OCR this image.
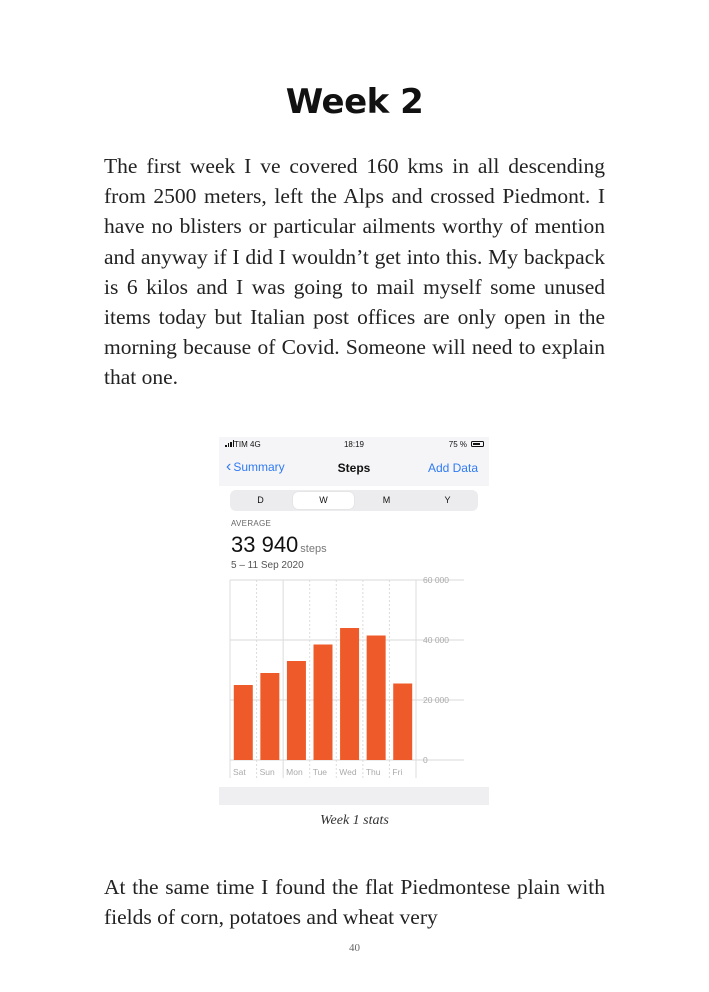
Week 2

The first week I ve covered 160 kms in all descending from 2500 meters, left the Alps and crossed Piedmont. I have no blisters or particular ailments worthy of mention and anyway if I did I wouldn’t get into this. My backpack is 6 kilos and I was going to mail myself some unused items today but Italian post offices are only open in the morning because of Covid. Someone will need to explain that one.

TIM 4G	18:19	75 %
‹ Summary	Steps	Add Data
D	W	M	Y
AVERAGE
33 940 steps
5 – 11 Sep 2020
60 000
40 000
20 000
0
Sat Sun Mon Tue Wed Thu Fri
Week 1 stats

At the same time I found the flat Piedmontese plain with fields of corn, potatoes and wheat very

40
